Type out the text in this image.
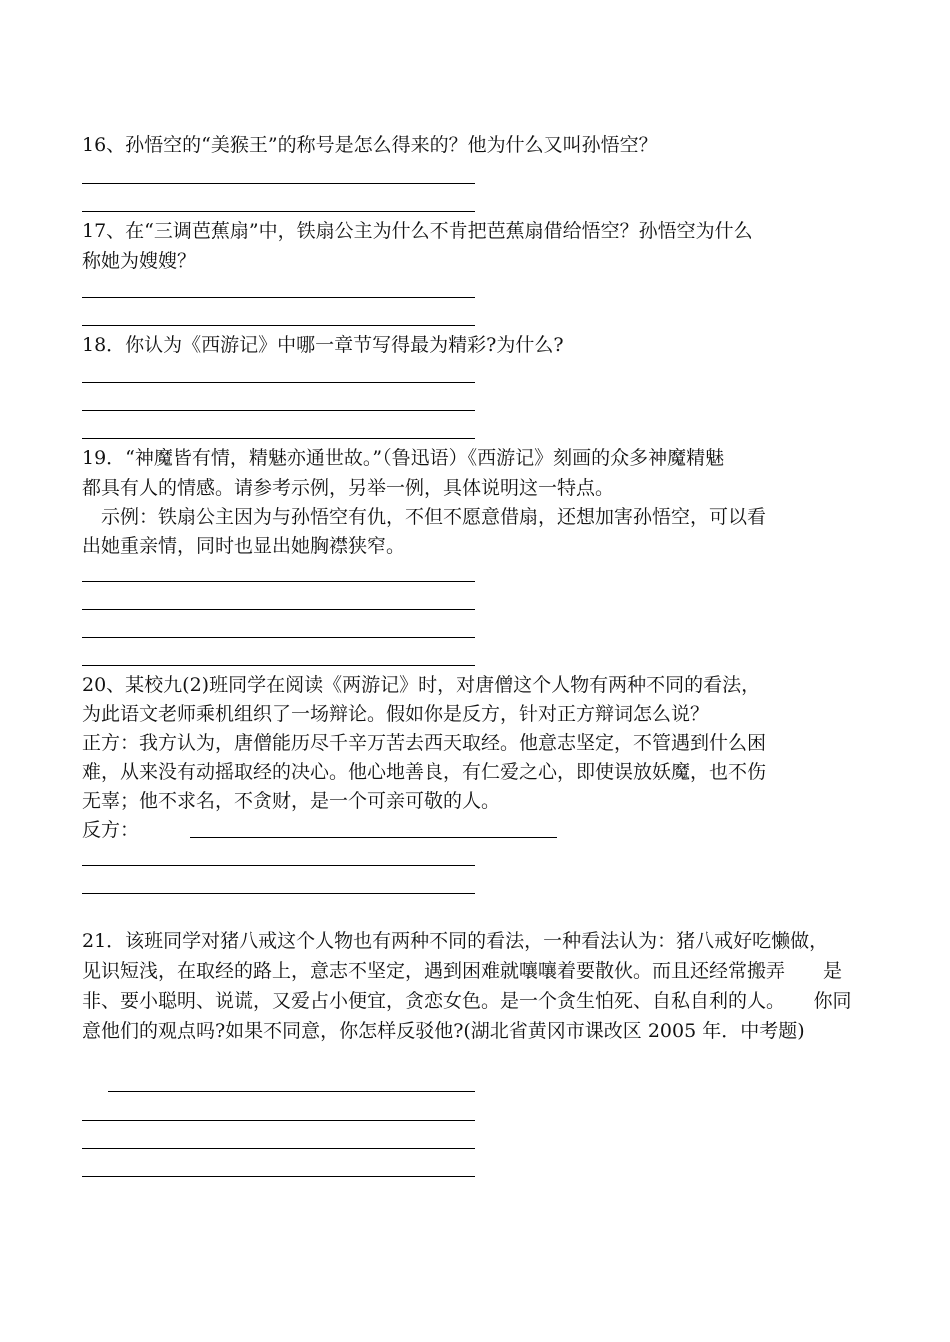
16、孙悟空的“美猴王”的称号是怎么得来的？他为什么又叫孙悟空？

17、在“三调芭蕉扇”中，铁扇公主为什么不肯把芭蕉扇借给悟空？孙悟空为什么

称她为嫂嫂？

18．你认为《西游记》中哪一章节写得最为精彩?为什么?

19．“神魔皆有情，精魅亦通世故。”（鲁迅语）《西游记》刻画的众多神魔精魅

都具有人的情感。请参考示例，另举一例，具体说明这一特点。

　示例：铁扇公主因为与孙悟空有仇，不但不愿意借扇，还想加害孙悟空，可以看

出她重亲情，同时也显出她胸襟狭窄。

20、某校九(2)班同学在阅读《两游记》时，对唐僧这个人物有两种不同的看法，

为此语文老师乘机组织了一场辩论。假如你是反方，针对正方辩词怎么说？

正方：我方认为，唐僧能历尽千辛万苦去西天取经。他意志坚定，不管遇到什么困

难，从来没有动摇取经的决心。他心地善良，有仁爱之心，即使误放妖魔，也不伤

无辜；他不求名，不贪财，是一个可亲可敬的人。

反方：

21．该班同学对猪八戒这个人物也有两种不同的看法，一种看法认为：猪八戒好吃懒做，　　见识短浅，在取经的路上，意志不坚定，遇到困难就嚷嚷着要散伙。而且还经常搬弄　　是非、要小聪明、说谎，又爱占小便宜，贪恋女色。是一个贪生怕死、自私自利的人。　　你同意他们的观点吗?如果不同意，你怎样反驳他?(湖北省黄冈市课改区 2005 年．中考题)
